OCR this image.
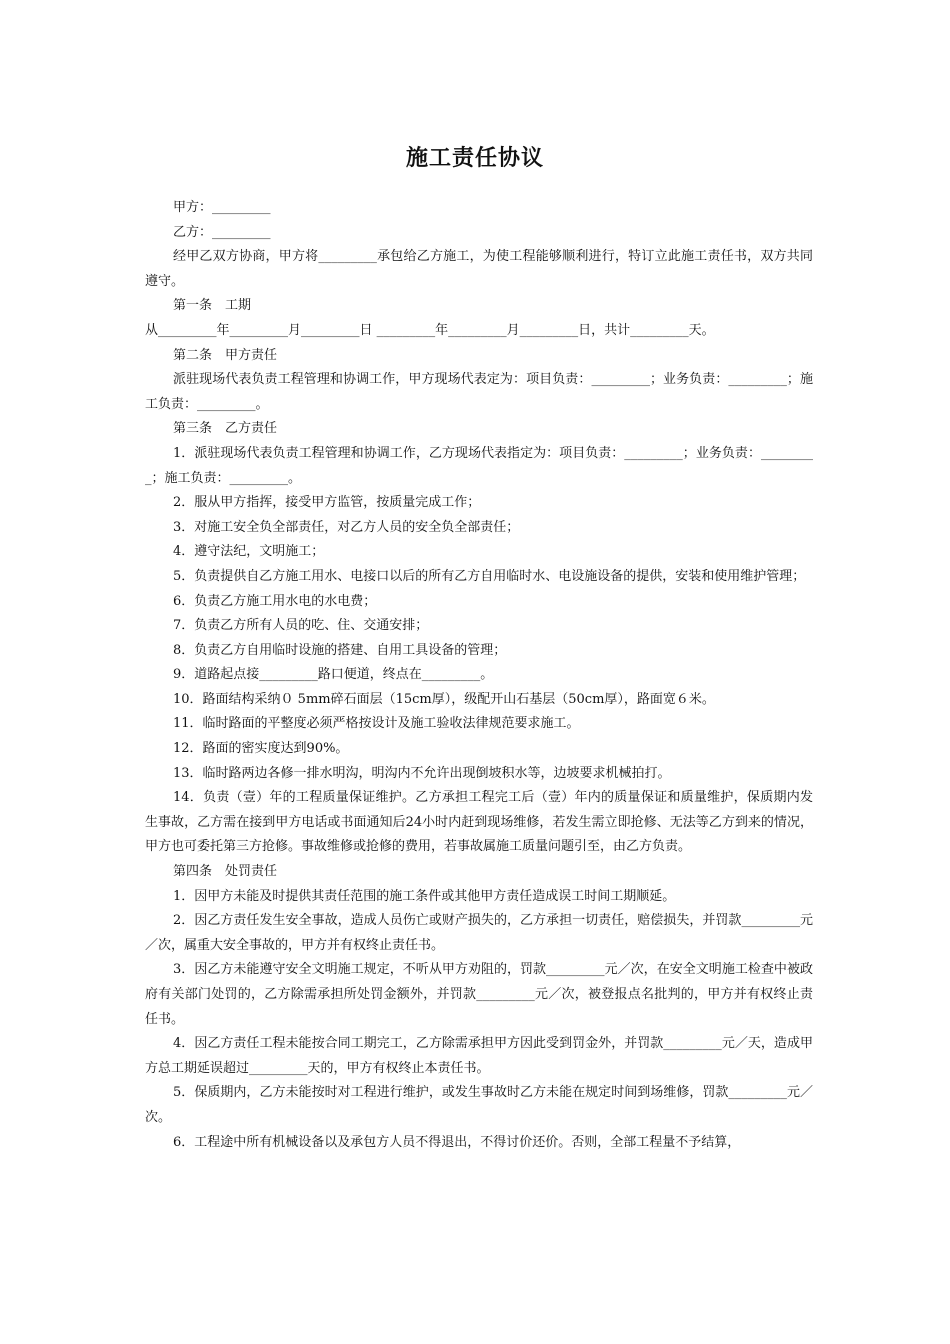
施工责任协议

甲方：_________

乙方：_________

经甲乙双方协商，甲方将_________承包给乙方施工，为使工程能够顺利进行，特订立此施工责任书，双方共同遵守。

第一条　工期

从_________年_________月_________日 _________年_________月_________日，共计_________天。

第二条　甲方责任

派驻现场代表负责工程管理和协调工作，甲方现场代表定为：项目负责：_________；业务负责：_________；施工负责：_________。

第三条　乙方责任

1．派驻现场代表负责工程管理和协调工作，乙方现场代表指定为：项目负责：_________；业务负责：_________；施工负责：_________。

2．服从甲方指挥，接受甲方监管，按质量完成工作；

3．对施工安全负全部责任，对乙方人员的安全负全部责任；

4．遵守法纪，文明施工；

5．负责提供自乙方施工用水、电接口以后的所有乙方自用临时水、电设施设备的提供，安装和使用维护管理；

6．负责乙方施工用水电的水电费；

7．负责乙方所有人员的吃、住、交通安排；

8．负责乙方自用临时设施的搭建、自用工具设备的管理；

9．道路起点接_________路口便道，终点在_________。

10．路面结构采纳０ 5mm碎石面层（15cm厚），级配开山石基层（50cm厚），路面宽６米。

11．临时路面的平整度必须严格按设计及施工验收法律规范要求施工。

12．路面的密实度达到90%。

13．临时路两边各修一排水明沟，明沟内不允许出现倒坡积水等，边坡要求机械拍打。

14．负责（壹）年的工程质量保证维护。乙方承担工程完工后（壹）年内的质量保证和质量维护，保质期内发生事故，乙方需在接到甲方电话或书面通知后24小时内赶到现场维修，若发生需立即抢修、无法等乙方到来的情况，甲方也可委托第三方抢修。事故维修或抢修的费用，若事故属施工质量问题引至，由乙方负责。

第四条　处罚责任

1．因甲方未能及时提供其责任范围的施工条件或其他甲方责任造成误工时间工期顺延。

2．因乙方责任发生安全事故，造成人员伤亡或财产损失的，乙方承担一切责任，赔偿损失，并罚款_________元／次，属重大安全事故的，甲方并有权终止责任书。

3．因乙方未能遵守安全文明施工规定，不听从甲方劝阻的，罚款_________元／次，在安全文明施工检查中被政府有关部门处罚的，乙方除需承担所处罚金额外，并罚款_________元／次，被登报点名批判的，甲方并有权终止责任书。

4．因乙方责任工程未能按合同工期完工，乙方除需承担甲方因此受到罚金外，并罚款_________元／天，造成甲方总工期延误超过_________天的，甲方有权终止本责任书。

5．保质期内，乙方未能按时对工程进行维护，或发生事故时乙方未能在规定时间到场维修，罚款_________元／次。

6．工程途中所有机械设备以及承包方人员不得退出，不得讨价还价。否则，全部工程量不予结算，
